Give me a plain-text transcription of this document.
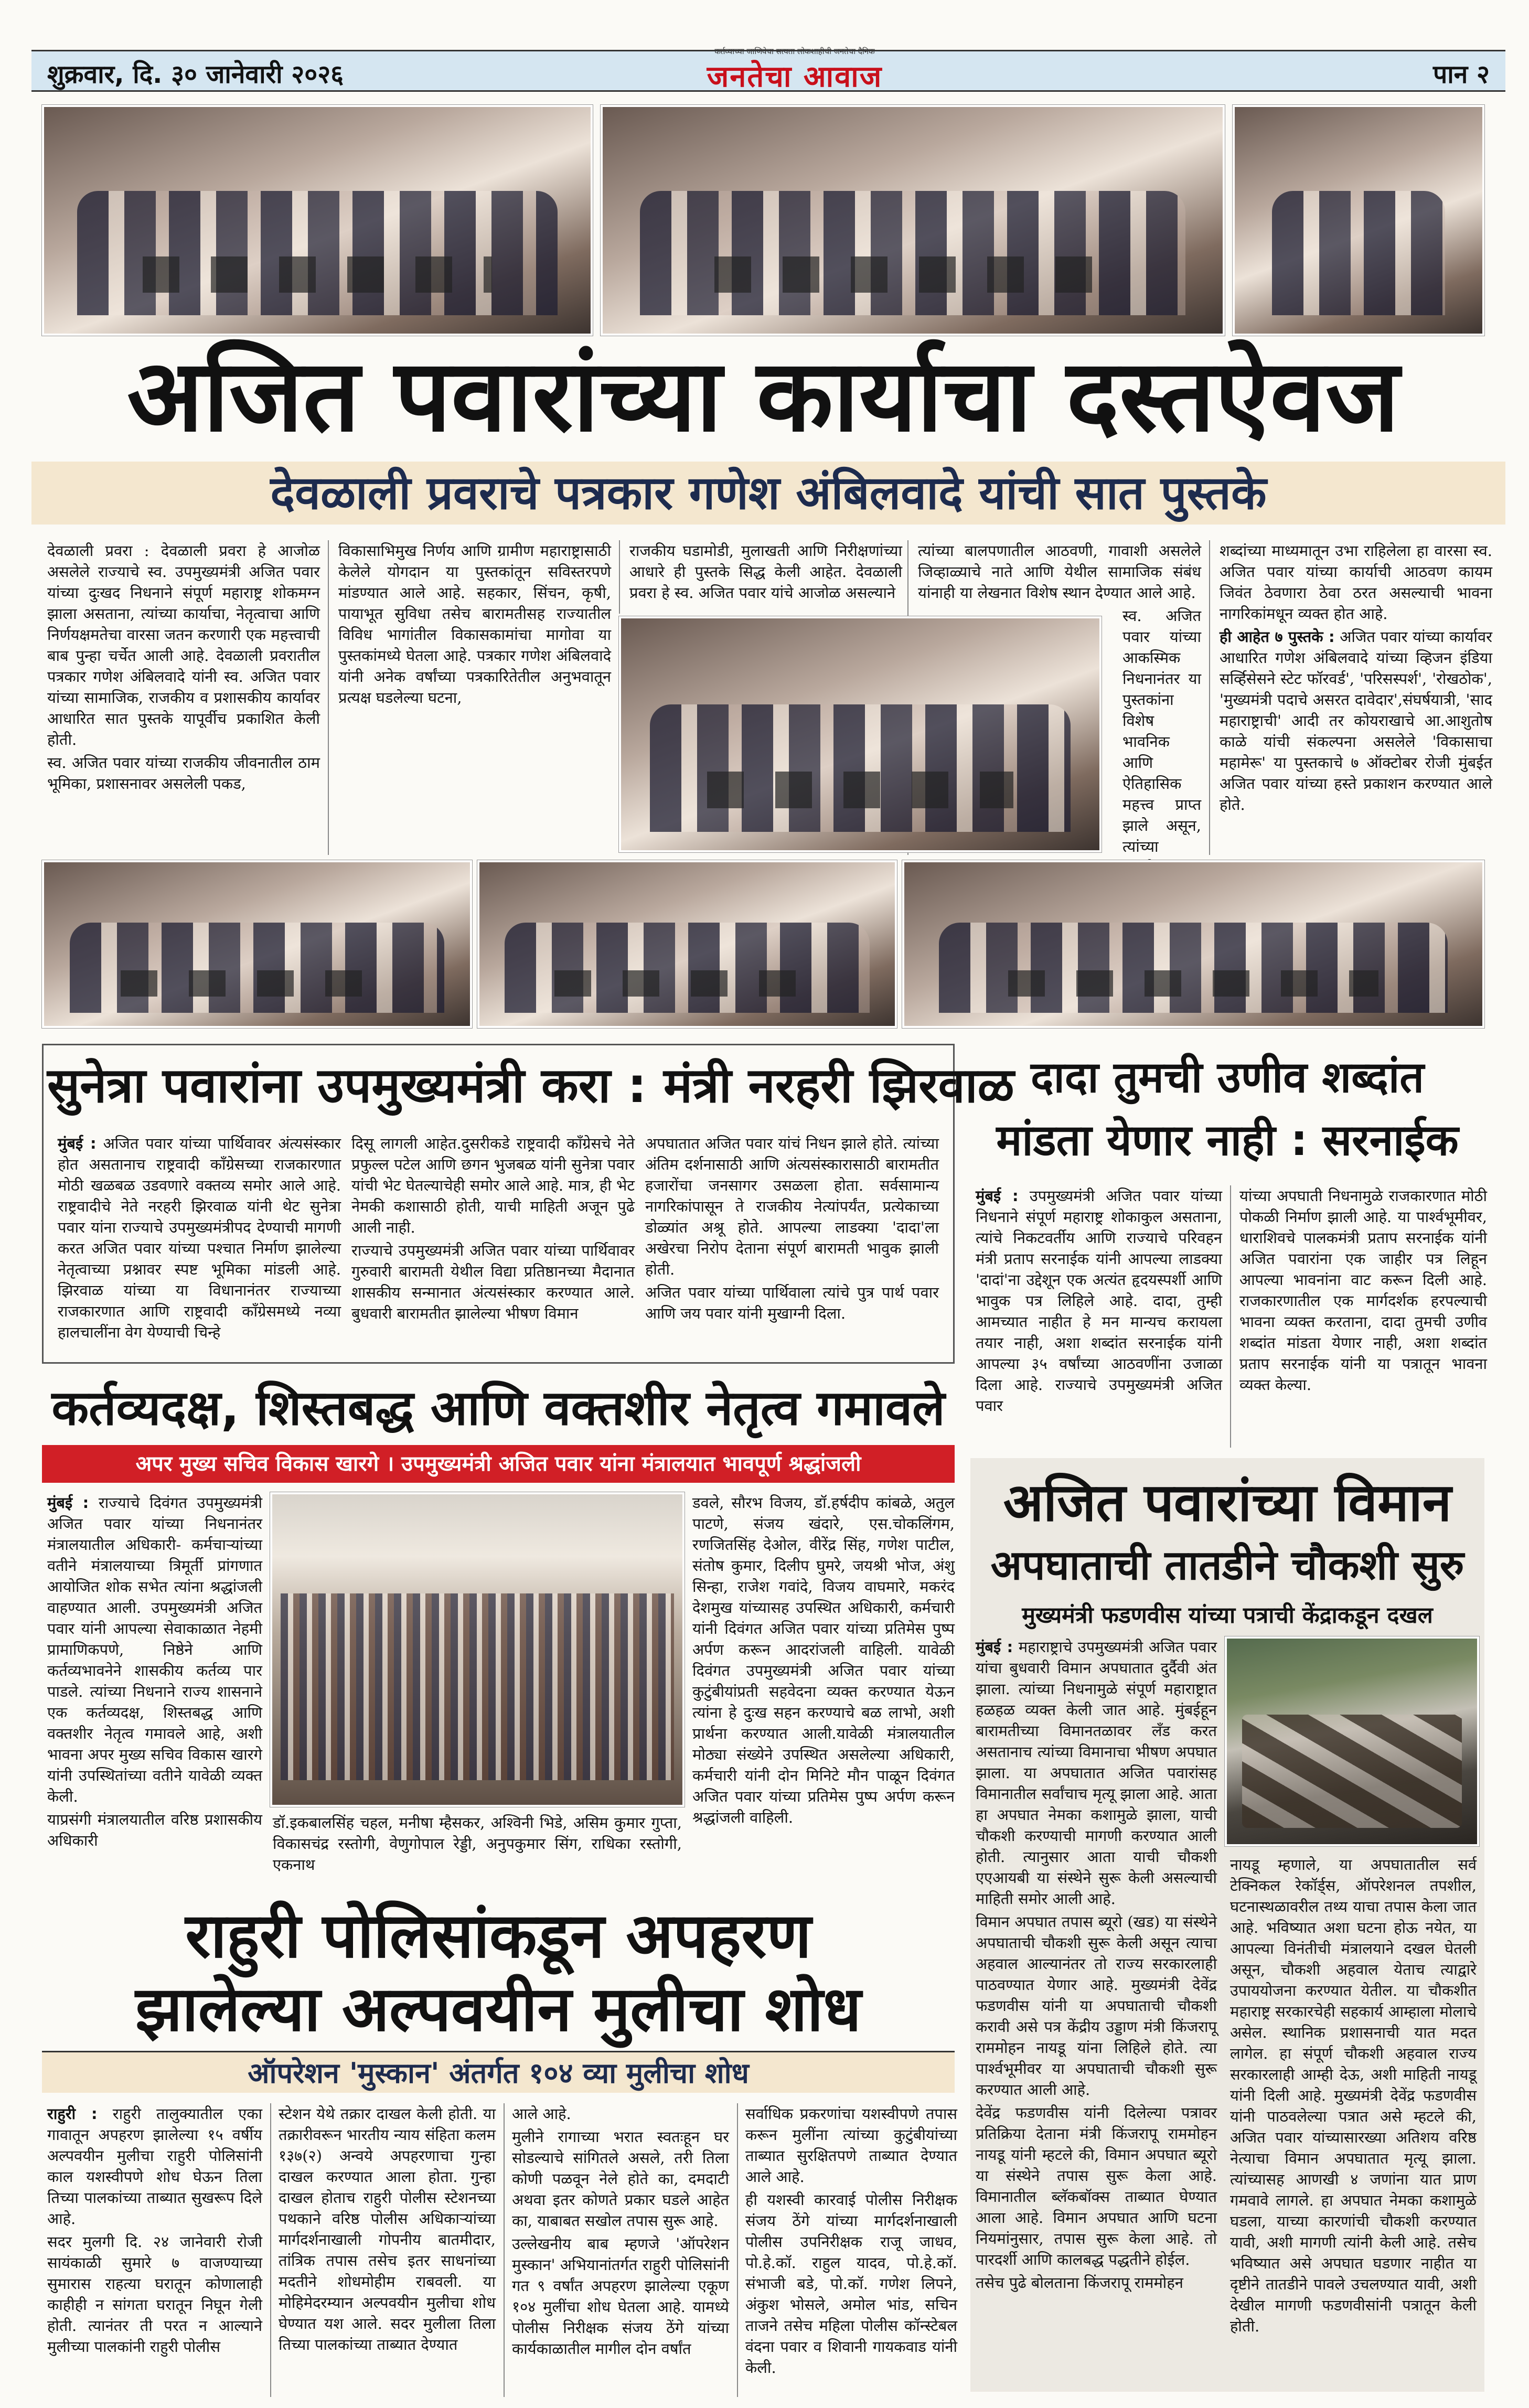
शुक्रवार, दि. ३० जानेवारी २०२६
कर्तव्याच्या जाणिवेचा सत्यता लोकशाहीची जनतेचा दैनिक
जनतेचा आवाज	पान २
अजित पवारांच्या कार्याचा दस्तऐवज
देवळाली प्रवराचे पत्रकार गणेश अंबिलवादे यांची सात पुस्तके

देवळाली प्रवरा : देवळाली प्रवरा हे आजोळ असलेले राज्याचे स्व. उपमुख्यमंत्री अजित पवार यांच्या दुःखद निधनाने संपूर्ण महाराष्ट्र शोकमग्न झाला असताना, त्यांच्या कार्याचा, नेतृत्वाचा आणि निर्णयक्षमतेचा वारसा जतन करणारी एक महत्त्वाची बाब पुन्हा चर्चेत आली आहे. देवळाली प्रवरातील पत्रकार गणेश अंबिलवादे यांनी स्व. अजित पवार यांच्या सामाजिक, राजकीय व प्रशासकीय कार्यावर आधारित सात पुस्तके यापूर्वीच प्रकाशित केली होती.

स्व. अजित पवार यांच्या राजकीय जीवनातील ठाम भूमिका, प्रशासनावर असलेली पकड,

विकासाभिमुख निर्णय आणि ग्रामीण महाराष्ट्रासाठी केलेले योगदान या पुस्तकांतून सविस्तरपणे मांडण्यात आले आहे. सहकार, सिंचन, कृषी, पायाभूत सुविधा तसेच बारामतीसह राज्यातील विविध भागांतील विकासकामांचा मागोवा या पुस्तकांमध्ये घेतला आहे. पत्रकार गणेश अंबिलवादे यांनी अनेक वर्षांच्या पत्रकारितेतील अनुभवातून प्रत्यक्ष घडलेल्या घटना,

राजकीय घडामोडी, मुलाखती आणि निरीक्षणांच्या आधारे ही पुस्तके सिद्ध केली आहेत. देवळाली प्रवरा हे स्व. अजित पवार यांचे आजोळ असल्याने

त्यांच्या बालपणातील आठवणी, गावाशी असलेले जिव्हाळ्याचे नाते आणि येथील सामाजिक संबंध यांनाही या लेखनात विशेष स्थान देण्यात आले आहे.

स्व. अजित पवार यांच्या आकस्मिक निधनानंतर या पुस्तकांना विशेष भावनिक आणि ऐतिहासिक महत्त्व प्राप्त झाले असून, त्यांच्या

शब्दांच्या माध्यमातून उभा राहिलेला हा वारसा स्व. अजित पवार यांच्या कार्याची आठवण कायम जिवंत ठेवणारा ठेवा ठरत असल्याची भावना नागरिकांमधून व्यक्त होत आहे.

ही आहेत ७ पुस्तके : अजित पवार यांच्या कार्यावर आधारित गणेश अंबिलवादे यांच्या व्हिजन इंडिया सर्व्हिसेसने स्टेट फॉरवर्ड', 'परिसस्पर्श', 'रोखठोक', 'मुख्यमंत्री पदाचे असरत दावेदार',संघर्षयात्री, 'साद महाराष्ट्राची' आदी तर कोयराखाचे आ.आशुतोष काळे यांची संकल्पना असलेले 'विकासाचा महामेरू' या पुस्तकाचे ७ ऑक्टोबर रोजी मुंबईत अजित पवार यांच्या हस्ते प्रकाशन करण्यात आले होते.

सुनेत्रा पवारांना उपमुख्यमंत्री करा : मंत्री नरहरी झिरवाळ

मुंबई : अजित पवार यांच्या पार्थिवावर अंत्यसंस्कार होत असतानाच राष्ट्रवादी काँग्रेसच्या राजकारणात मोठी खळबळ उडवणारे वक्तव्य समोर आले आहे. राष्ट्रवादीचे नेते नरहरी झिरवाळ यांनी थेट सुनेत्रा पवार यांना राज्याचे उपमुख्यमंत्रीपद देण्याची मागणी करत अजित पवार यांच्या पश्चात निर्माण झालेल्या नेतृत्वाच्या प्रश्नावर स्पष्ट भूमिका मांडली आहे. झिरवाळ यांच्या या विधानानंतर राज्याच्या राजकारणात आणि राष्ट्रवादी काँग्रेसमध्ये नव्या हालचालींना वेग येण्याची चिन्हे

दिसू लागली आहेत.दुसरीकडे राष्ट्रवादी काँग्रेसचे नेते प्रफुल्ल पटेल आणि छगन भुजबळ यांनी सुनेत्रा पवार यांची भेट घेतल्याचेही समोर आले आहे. मात्र, ही भेट नेमकी कशासाठी होती, याची माहिती अजून पुढे आली नाही.

राज्याचे उपमुख्यमंत्री अजित पवार यांच्या पार्थिवावर गुरुवारी बारामती येथील विद्या प्रतिष्ठानच्या मैदानात शासकीय सन्मानात अंत्यसंस्कार करण्यात आले. बुधवारी बारामतीत झालेल्या भीषण विमान

अपघातात अजित पवार यांचं निधन झाले होते. त्यांच्या अंतिम दर्शनासाठी आणि अंत्यसंस्कारासाठी बारामतीत हजारोंचा जनसागर उसळला होता. सर्वसामान्य नागरिकांपासून ते राजकीय नेत्यांपर्यंत, प्रत्येकाच्या डोळ्यांत अश्रू होते. आपल्या लाडक्या 'दादा'ला अखेरचा निरोप देताना संपूर्ण बारामती भावुक झाली होती.

अजित पवार यांच्या पार्थिवाला त्यांचे पुत्र पार्थ पवार आणि जय पवार यांनी मुखाग्नी दिला.

दादा तुमची उणीव शब्दांत
मांडता येणार नाही : सरनाईक

मुंबई : उपमुख्यमंत्री अजित पवार यांच्या निधनाने संपूर्ण महाराष्ट्र शोकाकुल असताना, त्यांचे निकटवर्तीय आणि राज्याचे परिवहन मंत्री प्रताप सरनाईक यांनी आपल्या लाडक्या 'दादां'ना उद्देशून एक अत्यंत हृदयस्पर्शी आणि भावुक पत्र लिहिले आहे. दादा, तुम्ही आमच्यात नाहीत हे मन मान्यच करायला तयार नाही, अशा शब्दांत सरनाईक यांनी आपल्या ३५ वर्षांच्या आठवणींना उजाळा दिला आहे. राज्याचे उपमुख्यमंत्री अजित पवार

यांच्या अपघाती निधनामुळे राजकारणात मोठी पोकळी निर्माण झाली आहे. या पार्श्वभूमीवर, धाराशिवचे पालकमंत्री प्रताप सरनाईक यांनी अजित पवारांना एक जाहीर पत्र लिहून आपल्या भावनांना वाट करून दिली आहे. राजकारणातील एक मार्गदर्शक हरपल्याची भावना व्यक्त करताना, दादा तुमची उणीव शब्दांत मांडता येणार नाही, अशा शब्दांत प्रताप सरनाईक यांनी या पत्रातून भावना व्यक्त केल्या.

कर्तव्यदक्ष, शिस्तबद्ध आणि वक्तशीर नेतृत्व गमावले
अपर मुख्य सचिव विकास खारगे । उपमुख्यमंत्री अजित पवार यांना मंत्रालयात भावपूर्ण श्रद्धांजली

मुंबई : राज्याचे दिवंगत उपमुख्यमंत्री अजित पवार यांच्या निधनानंतर मंत्रालयातील अधिकारी- कर्मचाऱ्यांच्या वतीने मंत्रालयाच्या त्रिमूर्ती प्रांगणात आयोजित शोक सभेत त्यांना श्रद्धांजली वाहण्यात आली. उपमुख्यमंत्री अजित पवार यांनी आपल्या सेवाकाळात नेहमी प्रामाणिकपणे, निष्ठेने आणि कर्तव्यभावनेने शासकीय कर्तव्य पार पाडले. त्यांच्या निधनाने राज्य शासनाने एक कर्तव्यदक्ष, शिस्तबद्ध आणि वक्तशीर नेतृत्व गमावले आहे, अशी भावना अपर मुख्य सचिव विकास खारगे यांनी उपस्थितांच्या वतीने यावेळी व्यक्त केली.

याप्रसंगी मंत्रालयातील वरिष्ठ प्रशासकीय अधिकारी

डॉ.इकबालसिंह चहल, मनीषा म्हैसकर, अश्विनी भिडे, असिम कुमार गुप्ता, विकासचंद्र रस्तोगी, वेणुगोपाल रेड्डी, अनुपकुमार सिंग, राधिका रस्तोगी, एकनाथ

डवले, सौरभ विजय, डॉ.हर्षदीप कांबळे, अतुल पाटणे, संजय खंदारे, एस.चोकलिंगम, रणजितसिंह देओल, वीरेंद्र सिंह, गणेश पाटील, संतोष कुमार, दिलीप घुमरे, जयश्री भोज, अंशु सिन्हा, राजेश गवांदे, विजय वाघमारे, मकरंद देशमुख यांच्यासह उपस्थित अधिकारी, कर्मचारी यांनी दिवंगत अजित पवार यांच्या प्रतिमेस पुष्प अर्पण करून आदरांजली वाहिली. यावेळी दिवंगत उपमुख्यमंत्री अजित पवार यांच्या कुटुंबीयांप्रती सहवेदना व्यक्त करण्यात येऊन त्यांना हे दुःख सहन करण्याचे बळ लाभो, अशी प्रार्थना करण्यात आली.यावेळी मंत्रालयातील मोठ्या संख्येने उपस्थित असलेल्या अधिकारी, कर्मचारी यांनी दोन मिनिटे मौन पाळून दिवंगत अजित पवार यांच्या प्रतिमेस पुष्प अर्पण करून श्रद्धांजली वाहिली.

अजित पवारांच्या विमान
अपघाताची तातडीने चौकशी सुरु
मुख्यमंत्री फडणवीस यांच्या पत्राची केंद्राकडून दखल

मुंबई : महाराष्ट्राचे उपमुख्यमंत्री अजित पवार यांचा बुधवारी विमान अपघातात दुर्दैवी अंत झाला. त्यांच्या निधनामुळे संपूर्ण महाराष्ट्रात हळहळ व्यक्त केली जात आहे. मुंबईहून बारामतीच्या विमानतळावर लँड करत असतानाच त्यांच्या विमानाचा भीषण अपघात झाला. या अपघातात अजित पवारांसह विमानातील सर्वांचाच मृत्यू झाला आहे. आता हा अपघात नेमका कशामुळे झाला, याची चौकशी करण्याची मागणी करण्यात आली होती. त्यानुसार आता याची चौकशी एएआयबी या संस्थेने सुरू केली असल्याची माहिती समोर आली आहे.

विमान अपघात तपास ब्यूरो (खड) या संस्थेने अपघाताची चौकशी सुरू केली असून त्याचा अहवाल आल्यानंतर तो राज्य सरकारलाही पाठवण्यात येणार आहे. मुख्यमंत्री देवेंद्र फडणवीस यांनी या अपघाताची चौकशी करावी असे पत्र केंद्रीय उड्डाण मंत्री किंजरापू राममोहन नायडू यांना लिहिले होते. त्या पार्श्वभूमीवर या अपघाताची चौकशी सुरू करण्यात आली आहे.

देवेंद्र फडणवीस यांनी दिलेल्या पत्रावर प्रतिक्रिया देताना मंत्री किंजरापू राममोहन नायडू यांनी म्हटले की, विमान अपघात ब्यूरो या संस्थेने तपास सुरू केला आहे. विमानातील ब्लॅकबॉक्स ताब्यात घेण्यात आला आहे. विमान अपघात आणि घटना नियमांनुसार, तपास सुरू केला आहे. तो पारदर्शी आणि कालबद्ध पद्धतीने होईल.

तसेच पुढे बोलताना किंजरापू राममोहन

नायडू म्हणाले, या अपघातातील सर्व टेक्निकल रेकॉर्ड्स, ऑपरेशनल तपशील, घटनास्थळावरील तथ्य याचा तपास केला जात आहे. भविष्यात अशा घटना होऊ नयेत, या आपल्या विनंतीची मंत्रालयाने दखल घेतली असून, चौकशी अहवाल येताच त्याद्वारे उपाययोजना करण्यात येतील. या चौकशीत महाराष्ट्र सरकारचेही सहकार्य आम्हाला मोलाचे असेल. स्थानिक प्रशासनाची यात मदत लागेल. हा संपूर्ण चौकशी अहवाल राज्य सरकारलाही आम्ही देऊ, अशी माहिती नायडू यांनी दिली आहे. मुख्यमंत्री देवेंद्र फडणवीस यांनी पाठवलेल्या पत्रात असे म्हटले की, अजित पवार यांच्यासारख्या अतिशय वरिष्ठ नेत्याचा विमान अपघातात मृत्यू झाला. त्यांच्यासह आणखी ४ जणांना यात प्राण गमवावे लागले. हा अपघात नेमका कशामुळे घडला, याच्या कारणांची चौकशी करण्यात यावी, अशी मागणी त्यांनी केली आहे. तसेच भविष्यात असे अपघात घडणार नाहीत या दृष्टीने तातडीने पावले उचलण्यात यावी, अशी देखील मागणी फडणवीसांनी पत्रातून केली होती.

राहुरी पोलिसांकडून अपहरण
झालेल्या अल्पवयीन मुलीचा शोध
ऑपरेशन 'मुस्कान' अंतर्गत १०४ व्या मुलीचा शोध

राहुरी : राहुरी तालुक्यातील एका गावातून अपहरण झालेल्या १५ वर्षीय अल्पवयीन मुलीचा राहुरी पोलिसांनी काल यशस्वीपणे शोध घेऊन तिला तिच्या पालकांच्या ताब्यात सुखरूप दिले आहे.

सदर मुलगी दि. २४ जानेवारी रोजी सायंकाळी सुमारे ७ वाजण्याच्या सुमारास राहत्या घरातून कोणालाही काहीही न सांगता घरातून निघून गेली होती. त्यानंतर ती परत न आल्याने मुलीच्या पालकांनी राहुरी पोलीस

स्टेशन येथे तक्रार दाखल केली होती. या तक्रारीवरून भारतीय न्याय संहिता कलम १३७(२) अन्वये अपहरणाचा गुन्हा दाखल करण्यात आला होता. गुन्हा दाखल होताच राहुरी पोलीस स्टेशनच्या पथकाने वरिष्ठ पोलीस अधिकाऱ्यांच्या मार्गदर्शनाखाली गोपनीय बातमीदार, तांत्रिक तपास तसेच इतर साधनांच्या मदतीने शोधमोहीम राबवली. या मोहिमेदरम्यान अल्पवयीन मुलीचा शोध घेण्यात यश आले. सदर मुलीला तिला तिच्या पालकांच्या ताब्यात देण्यात

आले आहे.

मुलीने रागाच्या भरात स्वतःहून घर सोडल्याचे सांगितले असले, तरी तिला कोणी पळवून नेले होते का, दमदाटी अथवा इतर कोणते प्रकार घडले आहेत का, याबाबत सखोल तपास सुरू आहे.

उल्लेखनीय बाब म्हणजे 'ऑपरेशन मुस्कान' अभियानांतर्गत राहुरी पोलिसांनी गत ९ वर्षांत अपहरण झालेल्या एकूण १०४ मुलींचा शोध घेतला आहे. यामध्ये पोलीस निरीक्षक संजय ठेंगे यांच्या कार्यकाळातील मागील दोन वर्षांत

सर्वाधिक प्रकरणांचा यशस्वीपणे तपास करून मुलींना त्यांच्या कुटुंबीयांच्या ताब्यात सुरक्षितपणे ताब्यात देण्यात आले आहे.

ही यशस्वी कारवाई पोलीस निरीक्षक संजय ठेंगे यांच्या मार्गदर्शनाखाली पोलीस उपनिरीक्षक राजू जाधव, पो.हे.कॉ. राहुल यादव, पो.हे.कॉ. संभाजी बडे, पो.कॉ. गणेश लिपने, अंकुश भोसले, अमोल भांड, सचिन ताजने तसेच महिला पोलीस कॉन्स्टेबल वंदना पवार व शिवानी गायकवाड यांनी केली.
